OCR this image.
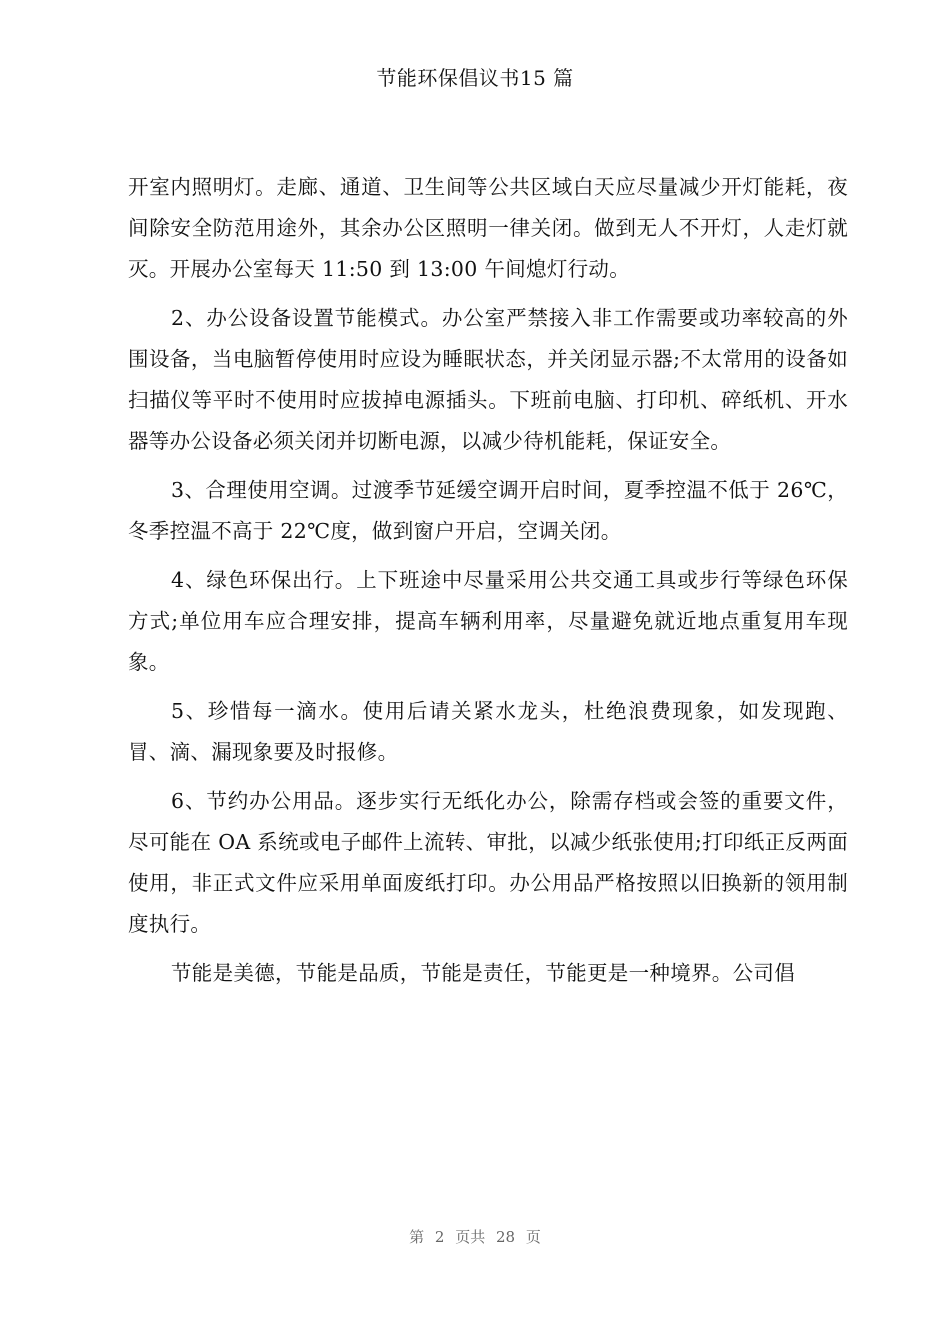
节能环保倡议书15 篇

开室内照明灯。走廊、通道、卫生间等公共区域白天应尽量减少开灯能耗，夜间除安全防范用途外，其余办公区照明一律关闭。做到无人不开灯，人走灯就灭。开展办公室每天 11:50 到 13:00 午间熄灯行动。

2、办公设备设置节能模式。办公室严禁接入非工作需要或功率较高的外围设备，当电脑暂停使用时应设为睡眠状态，并关闭显示器;不太常用的设备如扫描仪等平时不使用时应拔掉电源插头。下班前电脑、打印机、碎纸机、开水器等办公设备必须关闭并切断电源，以减少待机能耗，保证安全。

3、合理使用空调。过渡季节延缓空调开启时间，夏季控温不低于 26℃，冬季控温不高于 22℃度，做到窗户开启，空调关闭。

4、绿色环保出行。上下班途中尽量采用公共交通工具或步行等绿色环保方式;单位用车应合理安排，提高车辆利用率，尽量避免就近地点重复用车现象。

5、珍惜每一滴水。使用后请关紧水龙头，杜绝浪费现象，如发现跑、冒、滴、漏现象要及时报修。

6、节约办公用品。逐步实行无纸化办公，除需存档或会签的重要文件，尽可能在 OA 系统或电子邮件上流转、审批，以减少纸张使用;打印纸正反两面使用，非正式文件应采用单面废纸打印。办公用品严格按照以旧换新的领用制度执行。

节能是美德，节能是品质，节能是责任，节能更是一种境界。公司倡

第 2 页共 28 页
